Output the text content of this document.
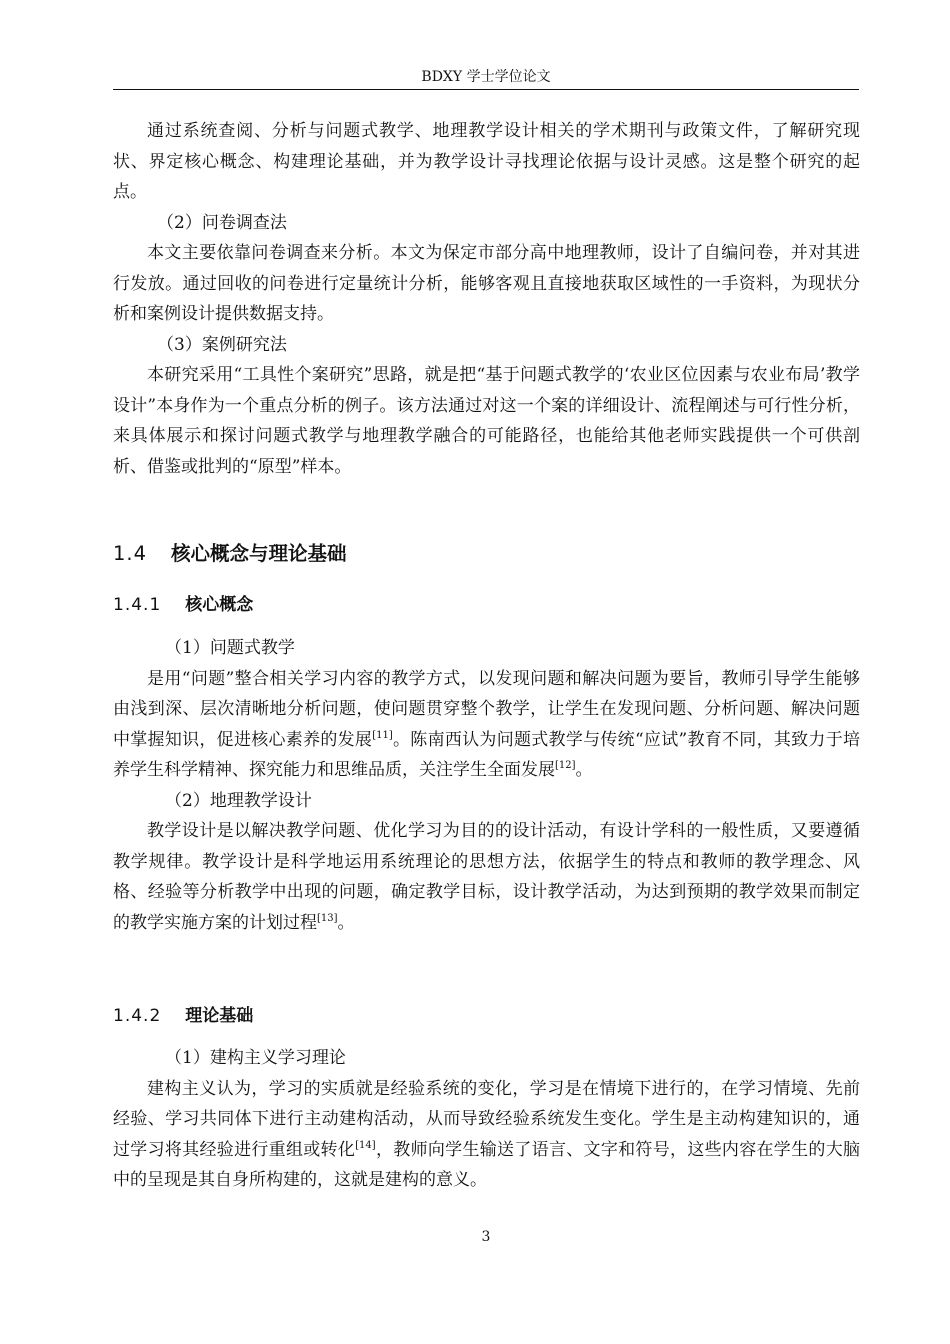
BDXY 学士学位论文

通过系统查阅、分析与问题式教学、地理教学设计相关的学术期刊与政策文件，了解研究现状、界定核心概念、构建理论基础，并为教学设计寻找理论依据与设计灵感。这是整个研究的起点。

（2）问卷调查法

本文主要依靠问卷调查来分析。本文为保定市部分高中地理教师，设计了自编问卷，并对其进行发放。通过回收的问卷进行定量统计分析，能够客观且直接地获取区域性的一手资料，为现状分析和案例设计提供数据支持。

（3）案例研究法

本研究采用“工具性个案研究”思路，就是把“基于问题式教学的‘农业区位因素与农业布局’教学设计”本身作为一个重点分析的例子。该方法通过对这一个案的详细设计、流程阐述与可行性分析，来具体展示和探讨问题式教学与地理教学融合的可能路径，也能给其他老师实践提供一个可供剖析、借鉴或批判的“原型”样本。

1.4 核心概念与理论基础
1.4.1 核心概念

（1）问题式教学

是用“问题”整合相关学习内容的教学方式，以发现问题和解决问题为要旨，教师引导学生能够由浅到深、层次清晰地分析问题，使问题贯穿整个教学，让学生在发现问题、分析问题、解决问题中掌握知识，促进核心素养的发展[11]。陈南西认为问题式教学与传统“应试”教育不同，其致力于培养学生科学精神、探究能力和思维品质，关注学生全面发展[12]。

（2）地理教学设计

教学设计是以解决教学问题、优化学习为目的的设计活动，有设计学科的一般性质，又要遵循教学规律。教学设计是科学地运用系统理论的思想方法，依据学生的特点和教师的教学理念、风格、经验等分析教学中出现的问题，确定教学目标，设计教学活动，为达到预期的教学效果而制定的教学实施方案的计划过程[13]。

1.4.2 理论基础

（1）建构主义学习理论

建构主义认为，学习的实质就是经验系统的变化，学习是在情境下进行的，在学习情境、先前经验、学习共同体下进行主动建构活动，从而导致经验系统发生变化。学生是主动构建知识的，通过学习将其经验进行重组或转化[14]，教师向学生输送了语言、文字和符号，这些内容在学生的大脑中的呈现是其自身所构建的，这就是建构的意义。

3
